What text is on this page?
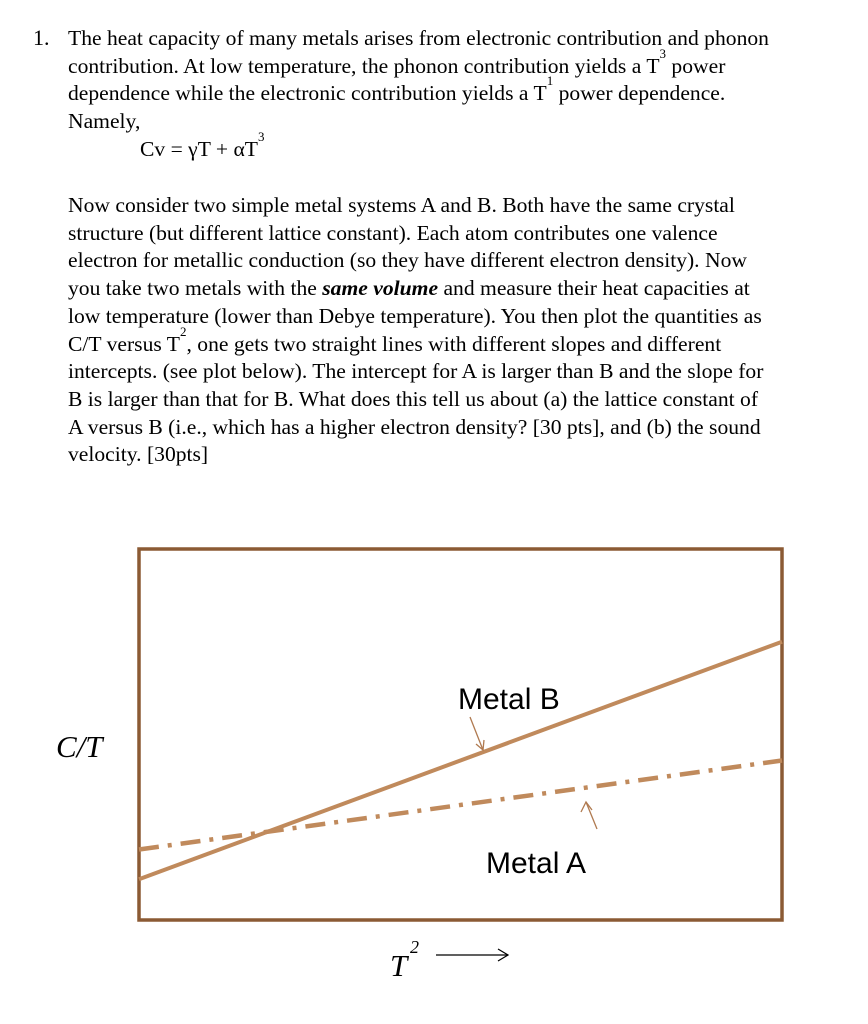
1. The heat capacity of many metals arises from electronic contribution and phonon
contribution. At low temperature, the phonon contribution yields a $T^3$ power
dependence while the electronic contribution yields a $T^1$ power dependence.
Namely,
$Cv = \gamma T + \alpha T^3$
Now consider two simple metal systems A and B. Both have the same crystal
structure (but different lattice constant). Each atom contributes one valence
electron for metallic conduction (so they have different electron density). Now
you take two metals with the same volume and measure their heat capacities at
low temperature (lower than Debye temperature). You then plot the quantities as
C/T versus $T^2$, one gets two straight lines with different slopes and different
intercepts. (see plot below). The intercept for A is larger than B and the slope for
B is larger than that for B. What does this tell us about (a) the lattice constant of
A versus B (i.e., which has a higher electron density? [30 pts], and (b) the sound
velocity. [30pts]
Metal B
Metal A
C/T
T
2
